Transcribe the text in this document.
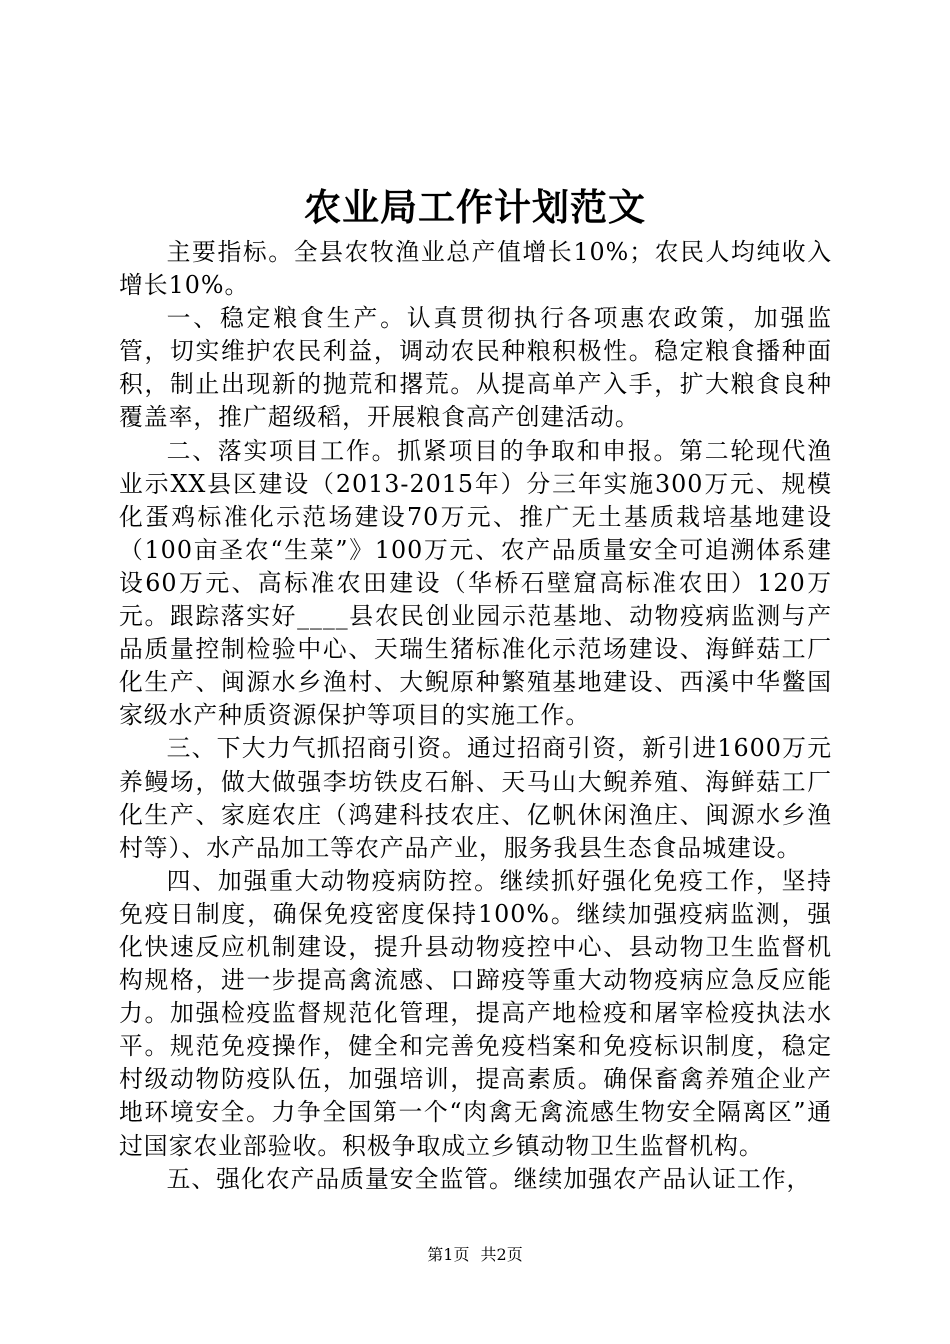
农业局工作计划范文

主要指标。全县农牧渔业总产值增长10%；农民人均纯收入增长10%。

一、稳定粮食生产。认真贯彻执行各项惠农政策，加强监管，切实维护农民利益，调动农民种粮积极性。稳定粮食播种面积，制止出现新的抛荒和撂荒。从提高单产入手，扩大粮食良种覆盖率，推广超级稻，开展粮食高产创建活动。

二、落实项目工作。抓紧项目的争取和申报。第二轮现代渔业示XX县区建设（2013-2015年）分三年实施300万元、规模化蛋鸡标准化示范场建设70万元、推广无土基质栽培基地建设（100亩圣农“生菜”》100万元、农产品质量安全可追溯体系建设60万元、高标准农田建设（华桥石壁窟高标准农田）120万元。跟踪落实好____县农民创业园示范基地、动物疫病监测与产品质量控制检验中心、天瑞生猪标准化示范场建设、海鲜菇工厂化生产、闽源水乡渔村、大鲵原种繁殖基地建设、西溪中华鳖国家级水产种质资源保护等项目的实施工作。

三、下大力气抓招商引资。通过招商引资，新引进1600万元养鳗场，做大做强李坊铁皮石斛、天马山大鲵养殖、海鲜菇工厂化生产、家庭农庄（鸿建科技农庄、亿帆休闲渔庄、闽源水乡渔村等）、水产品加工等农产品产业，服务我县生态食品城建设。

四、加强重大动物疫病防控。继续抓好强化免疫工作，坚持免疫日制度，确保免疫密度保持100%。继续加强疫病监测，强化快速反应机制建设，提升县动物疫控中心、县动物卫生监督机构规格，进一步提高禽流感、口蹄疫等重大动物疫病应急反应能力。加强检疫监督规范化管理，提高产地检疫和屠宰检疫执法水平。规范免疫操作，健全和完善免疫档案和免疫标识制度，稳定村级动物防疫队伍，加强培训，提高素质。确保畜禽养殖企业产地环境安全。力争全国第一个“肉禽无禽流感生物安全隔离区”通过国家农业部验收。积极争取成立乡镇动物卫生监督机构。

五、强化农产品质量安全监管。继续加强农产品认证工作，

第1页 共2页
